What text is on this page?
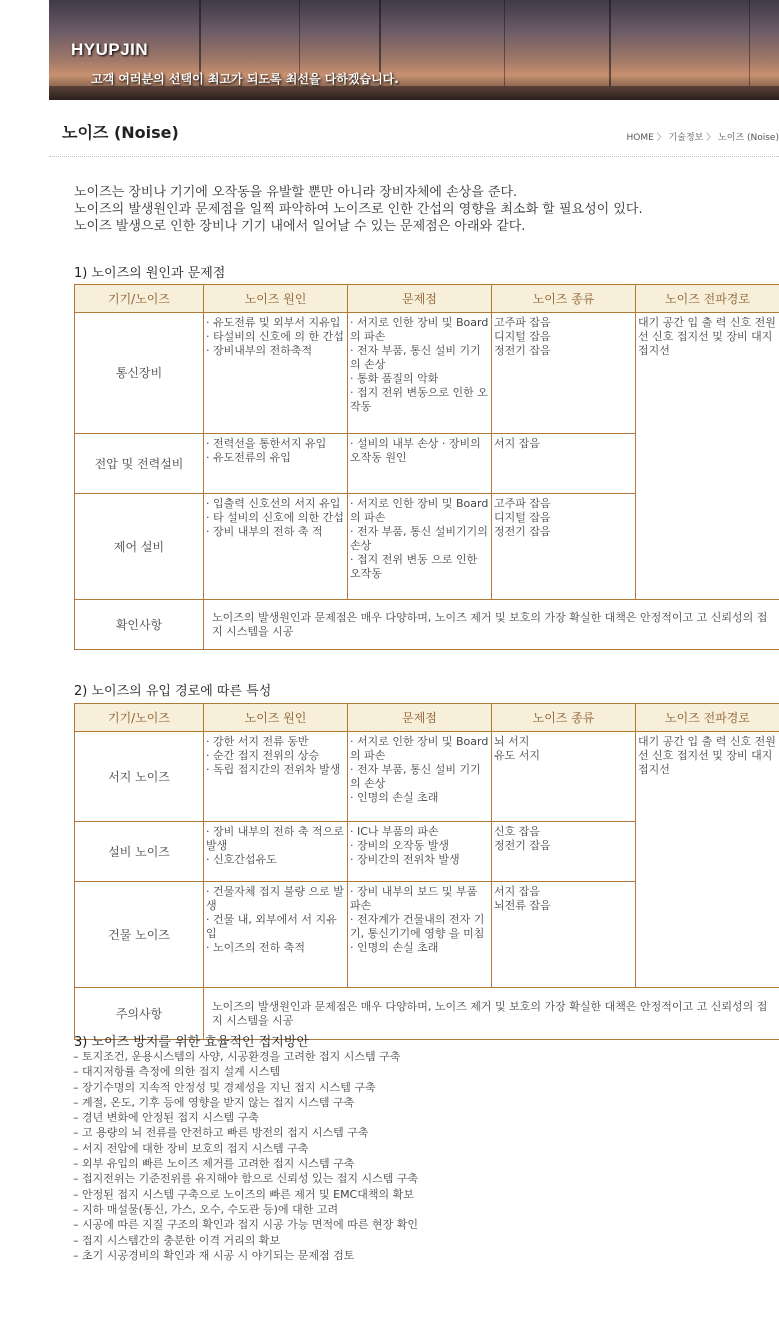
HYUPJIN
고객 여러분의 선택이 최고가 되도록 최선을 다하겠습니다.
노이즈 (Noise)	HOME 〉 기술정보 〉 노이즈 (Noise)
노이즈는 장비나 기기에 오작동을 유발할 뿐만 아니라 장비자체에 손상을 준다.
노이즈의 발생원인과 문제점을 일찍 파악하여 노이즈로 인한 간섭의 영향을 최소화 할 필요성이 있다.
노이즈 발생으로 인한 장비나 기기 내에서 일어날 수 있는 문제점은 아래와 같다.
1) 노이즈의 원인과 문제점
기기/노이즈	노이즈 원인	문제점	노이즈 종류	노이즈 전파경로
통신장비	· 유도전류 및 외부서 지유입
· 타설비의 신호에 의 한 간섭
· 장비내부의 전하축적	· 서지로 인한 장비 및 Board의 파손
· 전자 부품, 통신 설비 기기의 손상
· 통화 품질의 악화
· 접지 전위 변동으로 인한 오작동	고주파 잡음
디지털 잡음
정전기 잡음	대기 공간 입 출 력 신호 전원선 신호 접지선 및 장비 대지 접지선
전압 및 전력설비	· 전력선을 통한서지 유입
· 유도전류의 유입	· 설비의 내부 손상 · 장비의 오작동 원인	서지 잡음	
제어 설비	· 입출력 신호선의 서지 유입 · 타 설비의 신호에 의한 간섭
· 장비 내부의 전하 축 적	· 서지로 인한 장비 및 Board의 파손
· 전자 부품, 통신 설비기기의 손상
· 접지 전위 변동 으로 인한 오작동	고주파 잡음
디지털 잡음
정전기 잡음	
확인사항	노이즈의 발생원인과 문제점은 매우 다양하며, 노이즈 제거 및 보호의 가장 확실한 대책은 안정적이고 고 신뢰성의 접지 시스템을 시공			
2) 노이즈의 유입 경로에 따른 특성
기기/노이즈	노이즈 원인	문제점	노이즈 종류	노이즈 전파경로
서지 노이즈	· 강한 서지 전류 동반
· 순간 접지 전위의 상승
· 독립 접지간의 전위차 발생	· 서지로 인한 장비 및 Board의 파손
· 전자 부품, 통신 설비 기기의 손상
· 인명의 손실 초래	뇌 서지
유도 서지	대기 공간 입 출 력 신호 전원선 신호 접지선 및 장비 대지 접지선
설비 노이즈	· 장비 내부의 전하 축 적으로 발생
· 신호간섭유도	· IC나 부품의 파손
· 장비의 오작동 발생
· 장비간의 전위차 발생	신호 잡음
정전기 잡음	
건물 노이즈	· 건물자체 접지 불량 으로 발생
· 건물 내, 외부에서 서 지유입
· 노이즈의 전하 축적	· 장비 내부의 보드 및 부품 파손
· 전자계가 건물내의 전자 기기, 통신기기에 영향 을 미침
· 인명의 손실 초래	서지 잡음
뇌전류 잡음	
주의사항	노이즈의 발생원인과 문제점은 매우 다양하며, 노이즈 제거 및 보호의 가장 확실한 대책은 안정적이고 고 신뢰성의 접지 시스템을 시공			
3) 노이즈 방지를 위한 효율적인 접지방안
– 토지조건, 운용시스템의 사양, 시공환경을 고려한 접지 시스템 구축
– 대지저항률 측정에 의한 접지 설계 시스템
– 장기수명의 지속적 안정성 및 경제성을 지닌 접지 시스템 구축
– 계절, 온도, 기후 등에 영향을 받지 않는 접지 시스템 구축
– 경년 변화에 안정된 접지 시스템 구축
– 고 용량의 뇌 전류를 안전하고 빠른 방전의 접지 시스템 구축
– 서지 전압에 대한 장비 보호의 접지 시스템 구축
– 외부 유입의 빠른 노이즈 제거를 고려한 접지 시스템 구축
– 접지전위는 기준전위를 유지해야 함으로 신뢰성 있는 접지 시스템 구축
– 안정된 접지 시스템 구축으로 노이즈의 빠른 제거 및 EMC대책의 확보
– 지하 매설물(통신, 가스, 오수, 수도관 등)에 대한 고려
– 시공에 따른 지질 구조의 확인과 접지 시공 가능 면적에 따른 현장 확인
– 접지 시스템간의 충분한 이격 거리의 확보
– 초기 시공경비의 확인과 재 시공 시 야기되는 문제점 검토
